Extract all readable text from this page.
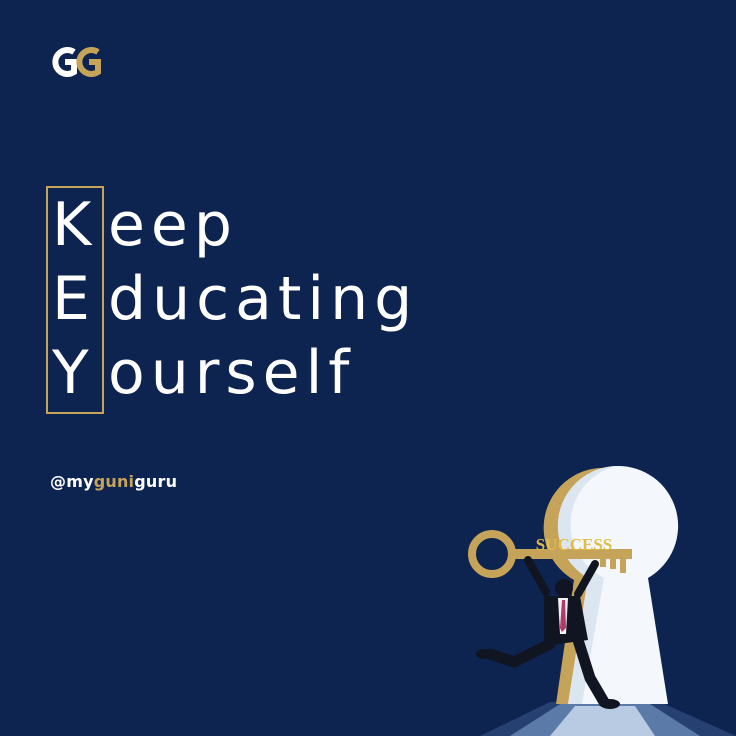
K eep
E ducating
Y ourself
@myguniguru
SUCCESS
